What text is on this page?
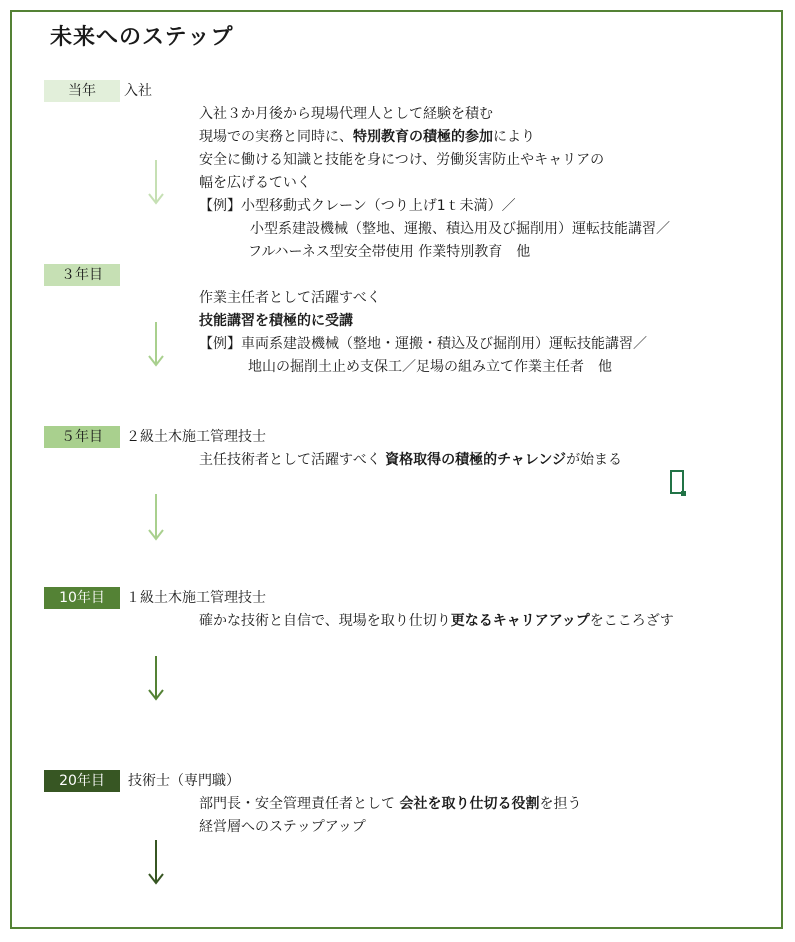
未来へのステップ
当年	入社
入社３か月後から現場代理人として経験を積む
現場での実務と同時に、特別教育の積極的参加により
安全に働ける知識と技能を身につけ、労働災害防止やキャリアの
幅を広げるていく
【例】小型移動式クレーン（つり上げ1ｔ未満）／
小型系建設機械（整地、運搬、積込用及び掘削用）運転技能講習／
フルハーネス型安全帯使用 作業特別教育　他
３年目
作業主任者として活躍すべく
技能講習を積極的に受講
【例】車両系建設機械（整地・運搬・積込及び掘削用）運転技能講習／
地山の掘削土止め支保工／足場の組み立て作業主任者　他
５年目	２級土木施工管理技士
主任技術者として活躍すべく 資格取得の積極的チャレンジが始まる
10年目	１級土木施工管理技士
確かな技術と自信で、現場を取り仕切り更なるキャリアアップをこころざす
20年目	技術士（専門職）
部門長・安全管理責任者として 会社を取り仕切る役割を担う
経営層へのステップアップ
